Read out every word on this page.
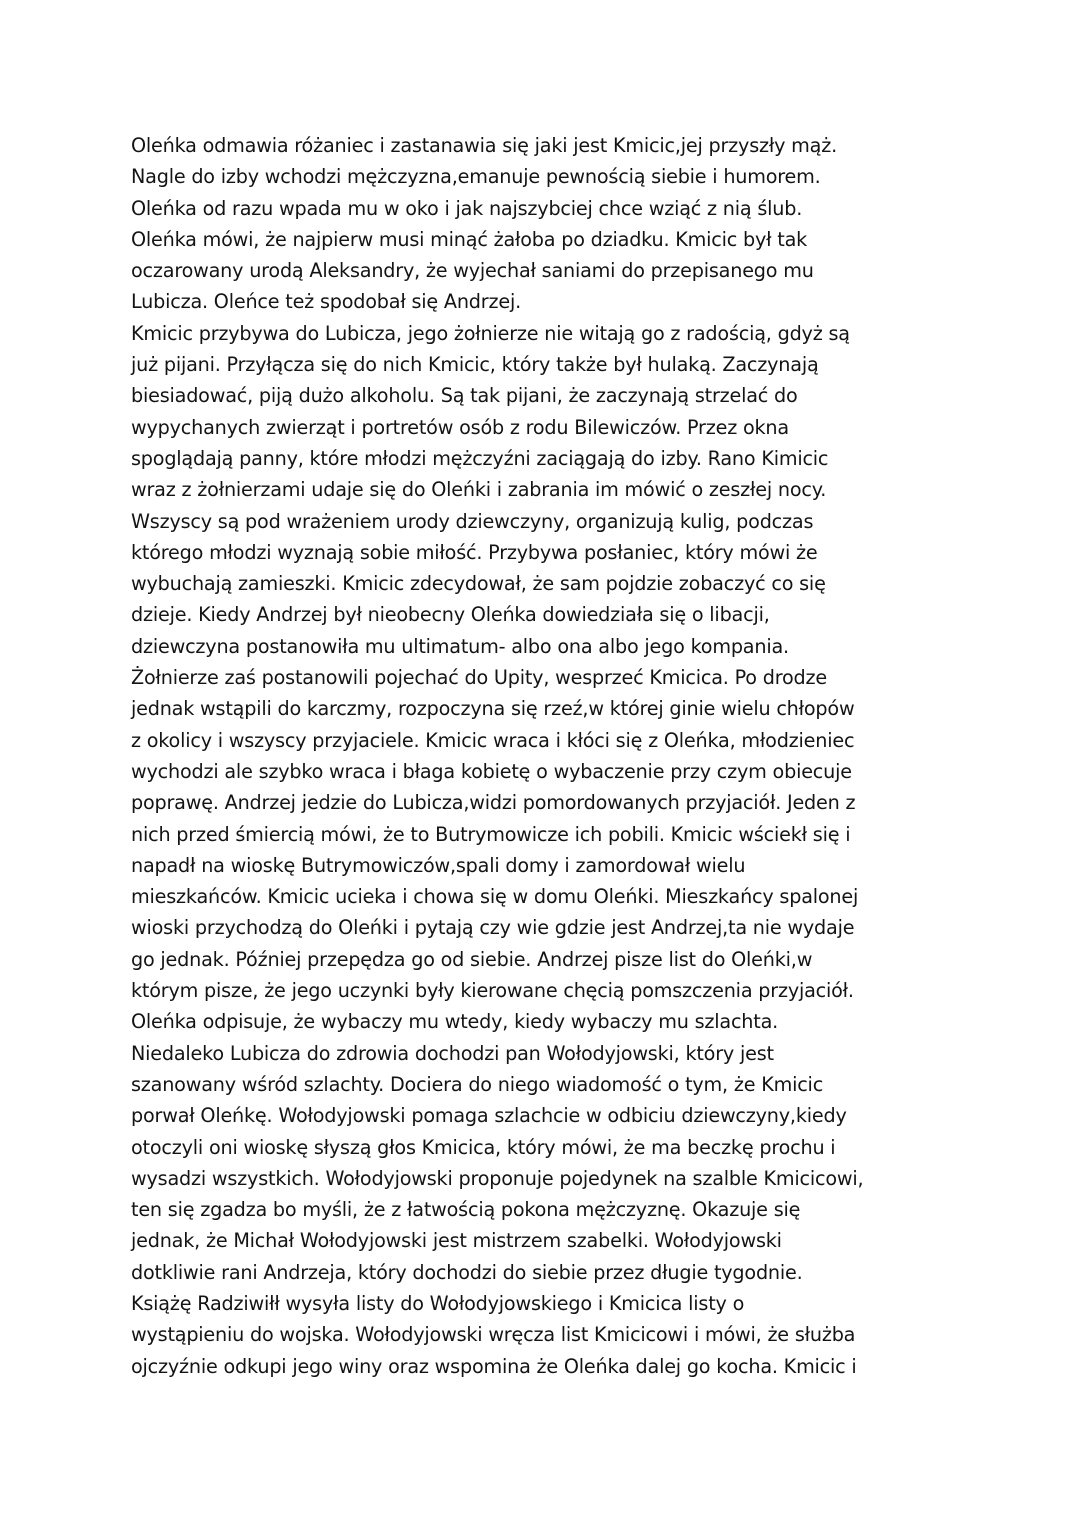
Oleńka odmawia różaniec i zastanawia się jaki jest Kmicic,jej przyszły mąż.
Nagle do izby wchodzi mężczyzna,emanuje pewnością siebie i humorem.
Oleńka od razu wpada mu w oko i jak najszybciej chce wziąć z nią ślub.
Oleńka mówi, że najpierw musi minąć żałoba po dziadku. Kmicic był tak
oczarowany urodą Aleksandry, że wyjechał saniami do przepisanego mu
Lubicza. Oleńce też spodobał się Andrzej.
Kmicic przybywa do Lubicza, jego żołnierze nie witają go z radością, gdyż są
już pijani. Przyłącza się do nich Kmicic, który także był hulaką. Zaczynają
biesiadować, piją dużo alkoholu. Są tak pijani, że zaczynają strzelać do
wypychanych zwierząt i portretów osób z rodu Bilewiczów. Przez okna
spoglądają panny, które młodzi mężczyźni zaciągają do izby. Rano Kimicic
wraz z żołnierzami udaje się do Oleńki i zabrania im mówić o zeszłej nocy.
Wszyscy są pod wrażeniem urody dziewczyny, organizują kulig, podczas
którego młodzi wyznają sobie miłość. Przybywa posłaniec, który mówi że
wybuchają zamieszki. Kmicic zdecydował, że sam pojdzie zobaczyć co się
dzieje. Kiedy Andrzej był nieobecny Oleńka dowiedziała się o libacji,
dziewczyna postanowiła mu ultimatum- albo ona albo jego kompania.
Żołnierze zaś postanowili pojechać do Upity, wesprzeć Kmicica. Po drodze
jednak wstąpili do karczmy, rozpoczyna się rzeź,w której ginie wielu chłopów
z okolicy i wszyscy przyjaciele. Kmicic wraca i kłóci się z Oleńka, młodzieniec
wychodzi ale szybko wraca i błaga kobietę o wybaczenie przy czym obiecuje
poprawę. Andrzej jedzie do Lubicza,widzi pomordowanych przyjaciół. Jeden z
nich przed śmiercią mówi, że to Butrymowicze ich pobili. Kmicic wściekł się i
napadł na wioskę Butrymowiczów,spali domy i zamordował wielu
mieszkańców. Kmicic ucieka i chowa się w domu Oleńki. Mieszkańcy spalonej
wioski przychodzą do Oleńki i pytają czy wie gdzie jest Andrzej,ta nie wydaje
go jednak. Później przepędza go od siebie. Andrzej pisze list do Oleńki,w
którym pisze, że jego uczynki były kierowane chęcią pomszczenia przyjaciół.
Oleńka odpisuje, że wybaczy mu wtedy, kiedy wybaczy mu szlachta.
Niedaleko Lubicza do zdrowia dochodzi pan Wołodyjowski, który jest
szanowany wśród szlachty. Dociera do niego wiadomość o tym, że Kmicic
porwał Oleńkę. Wołodyjowski pomaga szlachcie w odbiciu dziewczyny,kiedy
otoczyli oni wioskę słyszą głos Kmicica, który mówi, że ma beczkę prochu i
wysadzi wszystkich. Wołodyjowski proponuje pojedynek na szalble Kmicicowi,
ten się zgadza bo myśli, że z łatwością pokona mężczyznę. Okazuje się
jednak, że Michał Wołodyjowski jest mistrzem szabelki. Wołodyjowski
dotkliwie rani Andrzeja, który dochodzi do siebie przez długie tygodnie.
Książę Radziwiłł wysyła listy do Wołodyjowskiego i Kmicica listy o
wystąpieniu do wojska. Wołodyjowski wręcza list Kmicicowi i mówi, że służba
ojczyźnie odkupi jego winy oraz wspomina że Oleńka dalej go kocha. Kmicic i
